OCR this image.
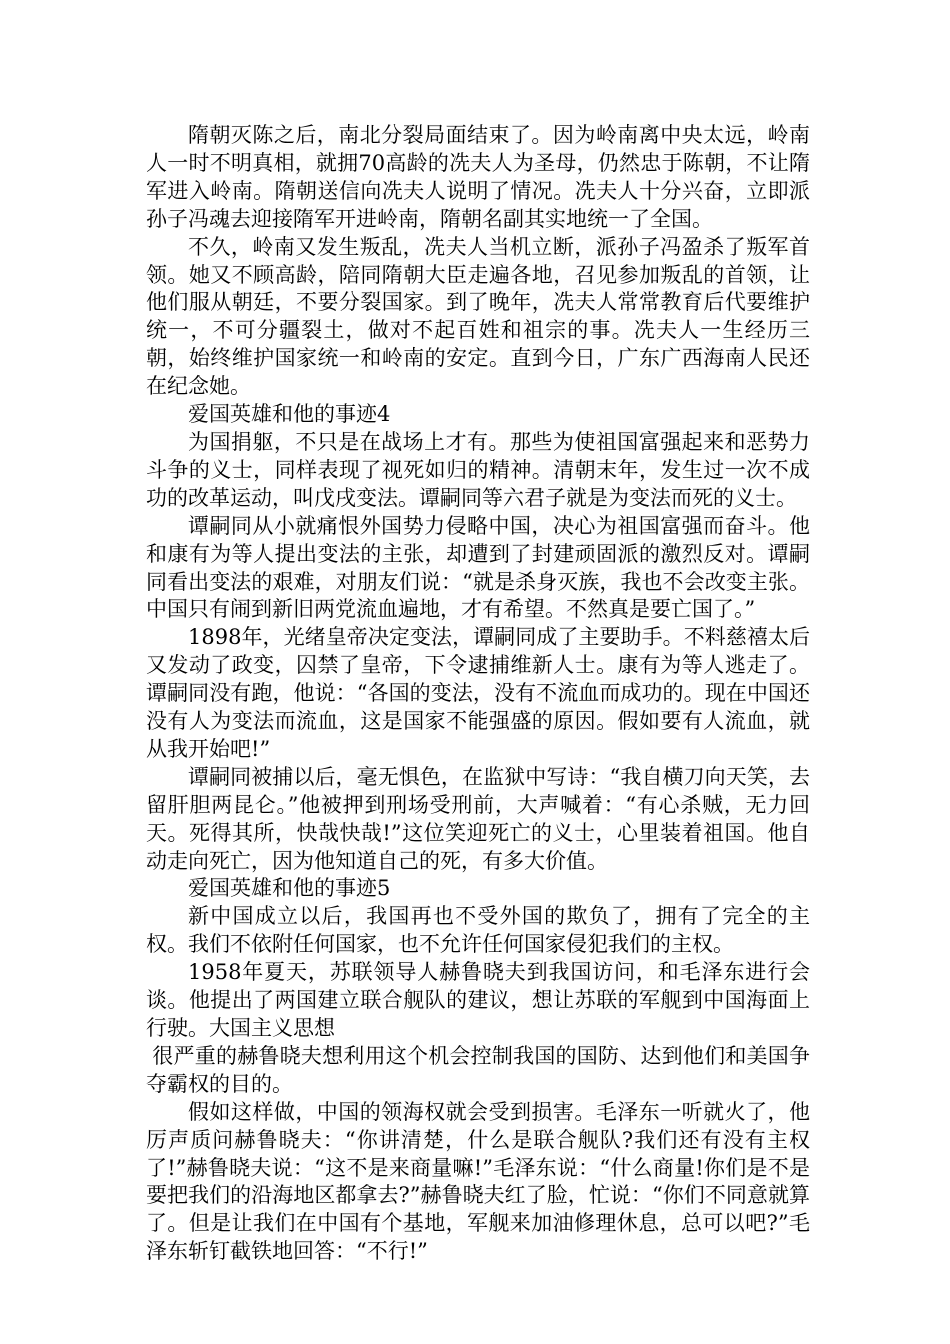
隋朝灭陈之后，南北分裂局面结束了。因为岭南离中央太远，岭南人一时不明真相，就拥70高龄的冼夫人为圣母，仍然忠于陈朝，不让隋军进入岭南。隋朝送信向冼夫人说明了情况。冼夫人十分兴奋，立即派孙子冯魂去迎接隋军开进岭南，隋朝名副其实地统一了全国。

不久，岭南又发生叛乱，冼夫人当机立断，派孙子冯盈杀了叛军首领。她又不顾高龄，陪同隋朝大臣走遍各地，召见参加叛乱的首领，让他们服从朝廷，不要分裂国家。到了晚年，冼夫人常常教育后代要维护统一，不可分疆裂土，做对不起百姓和祖宗的事。冼夫人一生经历三朝，始终维护国家统一和岭南的安定。直到今日，广东广西海南人民还在纪念她。

爱国英雄和他的事迹4

为国捐躯，不只是在战场上才有。那些为使祖国富强起来和恶势力斗争的义士，同样表现了视死如归的精神。清朝末年，发生过一次不成功的改革运动，叫戊戌变法。谭嗣同等六君子就是为变法而死的义士。

谭嗣同从小就痛恨外国势力侵略中国，决心为祖国富强而奋斗。他和康有为等人提出变法的主张，却遭到了封建顽固派的激烈反对。谭嗣同看出变法的艰难，对朋友们说：“就是杀身灭族，我也不会改变主张。中国只有闹到新旧两党流血遍地，才有希望。不然真是要亡国了。”

1898年，光绪皇帝决定变法，谭嗣同成了主要助手。不料慈禧太后又发动了政变，囚禁了皇帝，下令逮捕维新人士。康有为等人逃走了。谭嗣同没有跑，他说：“各国的变法，没有不流血而成功的。现在中国还没有人为变法而流血，这是国家不能强盛的原因。假如要有人流血，就从我开始吧!”

谭嗣同被捕以后，毫无惧色，在监狱中写诗：“我自横刀向天笑，去留肝胆两昆仑。”他被押到刑场受刑前，大声喊着：“有心杀贼，无力回天。死得其所，快哉快哉!”这位笑迎死亡的义士，心里装着祖国。他自动走向死亡，因为他知道自己的死，有多大价值。

爱国英雄和他的事迹5

新中国成立以后，我国再也不受外国的欺负了，拥有了完全的主权。我们不依附任何国家，也不允许任何国家侵犯我们的主权。

1958年夏天，苏联领导人赫鲁晓夫到我国访问，和毛泽东进行会谈。他提出了两国建立联合舰队的建议，想让苏联的军舰到中国海面上行驶。大国主义思想

很严重的赫鲁晓夫想利用这个机会控制我国的国防、达到他们和美国争夺霸权的目的。

假如这样做，中国的领海权就会受到损害。毛泽东一听就火了，他厉声质问赫鲁晓夫：“你讲清楚，什么是联合舰队?我们还有没有主权了!”赫鲁晓夫说：“这不是来商量嘛!”毛泽东说：“什么商量!你们是不是要把我们的沿海地区都拿去?”赫鲁晓夫红了脸，忙说：“你们不同意就算了。但是让我们在中国有个基地，军舰来加油修理休息，总可以吧?”毛泽东斩钉截铁地回答：“不行!”
